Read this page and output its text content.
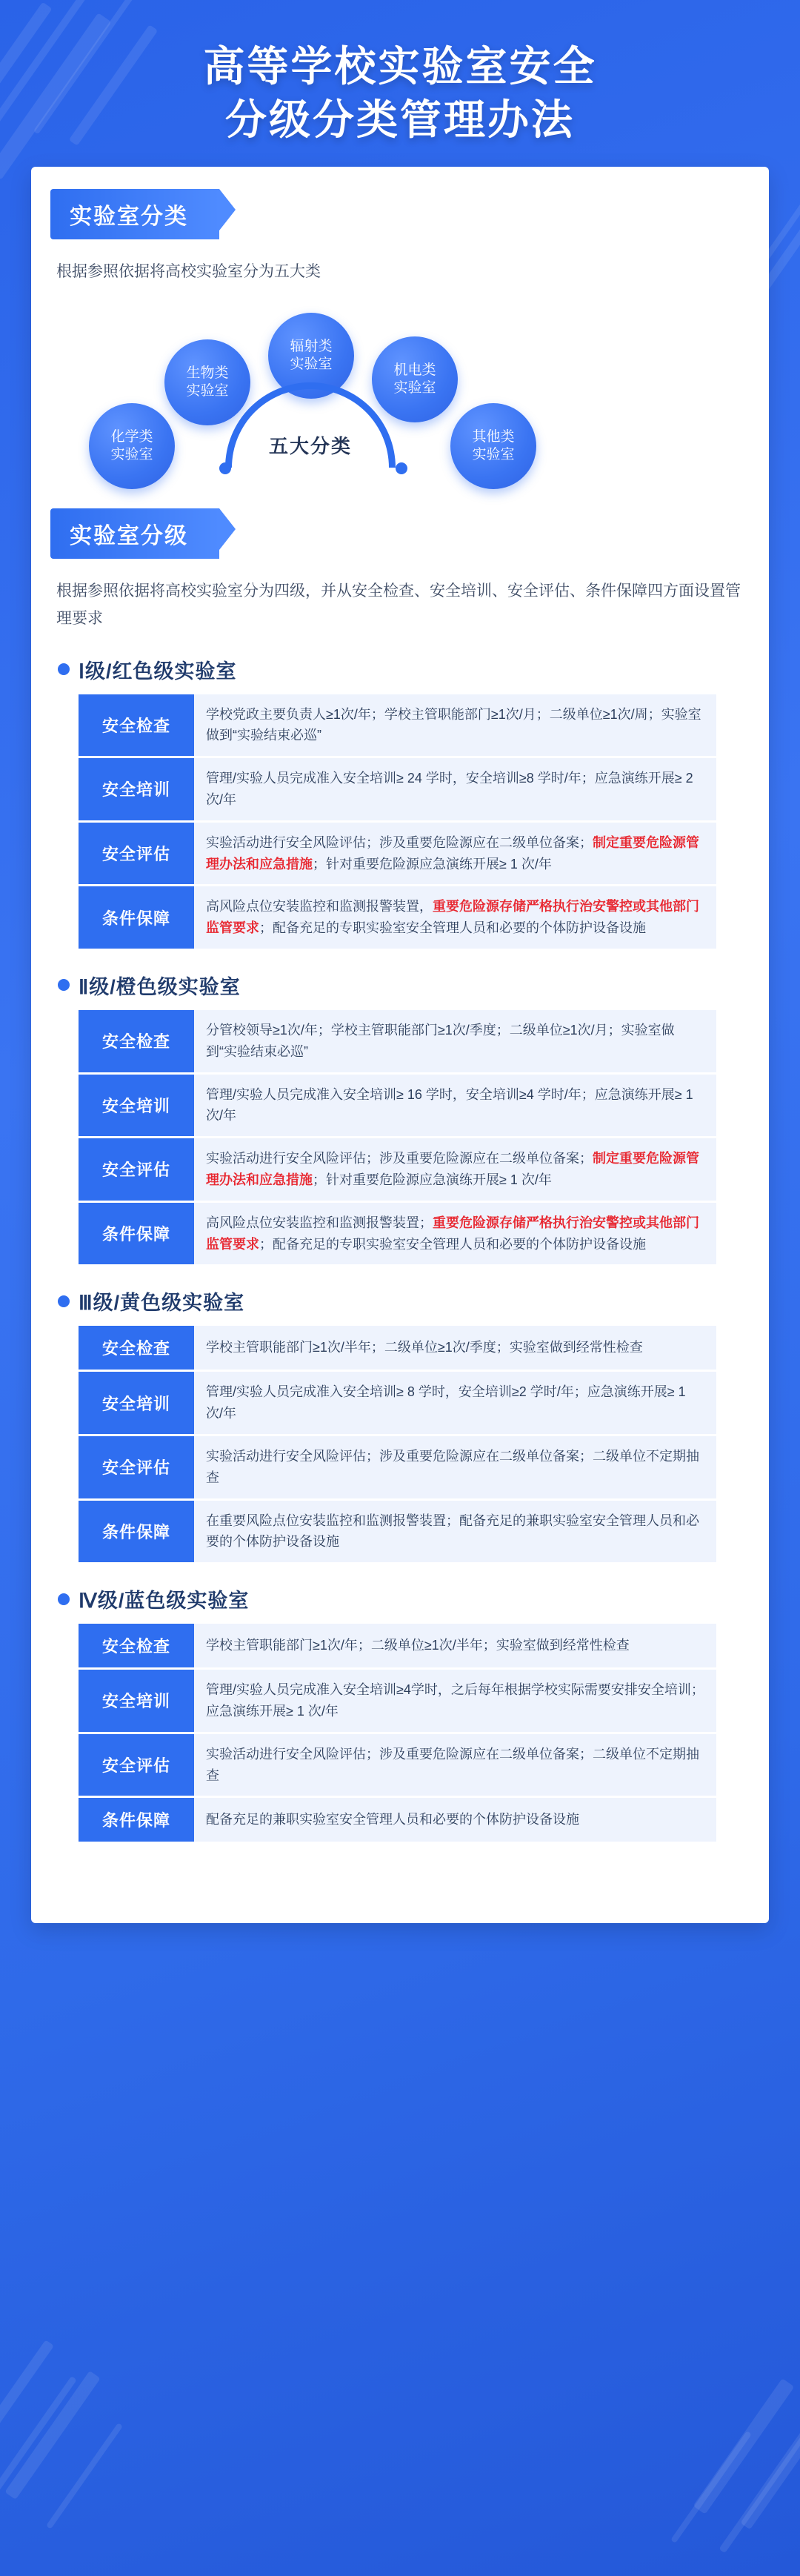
高等学校实验室安全
分级分类管理办法
实验室分类
根据参照依据将高校实验室分为五大类
化学类
实验室
生物类
实验室
辐射类
实验室	机电类
实验室
其他类
实验室
五大分类
实验室分级
根据参照依据将高校实验室分为四级，并从安全检查、安全培训、安全评估、条件保障四方面设置管理要求
Ⅰ级/红色级实验室
安全检查	学校党政主要负责人≥1次/年；学校主管职能部门≥1次/月；二级单位≥1次/周；实验室做到“实验结束必巡”
安全培训	管理/实验人员完成准入安全培训≥ 24 学时，安全培训≥8 学时/年；应急演练开展≥ 2 次/年
安全评估	实验活动进行安全风险评估；涉及重要危险源应在二级单位备案；制定重要危险源管理办法和应急措施；针对重要危险源应急演练开展≥ 1 次/年
条件保障	高风险点位安装监控和监测报警装置，重要危险源存储严格执行治安警控或其他部门监管要求；配备充足的专职实验室安全管理人员和必要的个体防护设备设施
Ⅱ级/橙色级实验室
安全检查	分管校领导≥1次/年；学校主管职能部门≥1次/季度；二级单位≥1次/月；实验室做到“实验结束必巡”
安全培训	管理/实验人员完成准入安全培训≥ 16 学时，安全培训≥4 学时/年；应急演练开展≥ 1 次/年
安全评估	实验活动进行安全风险评估；涉及重要危险源应在二级单位备案；制定重要危险源管理办法和应急措施；针对重要危险源应急演练开展≥ 1 次/年
条件保障	高风险点位安装监控和监测报警装置；重要危险源存储严格执行治安警控或其他部门监管要求；配备充足的专职实验室安全管理人员和必要的个体防护设备设施
Ⅲ级/黄色级实验室
安全检查	学校主管职能部门≥1次/半年；二级单位≥1次/季度；实验室做到经常性检查
安全培训	管理/实验人员完成准入安全培训≥ 8 学时，安全培训≥2 学时/年；应急演练开展≥ 1 次/年
安全评估	实验活动进行安全风险评估；涉及重要危险源应在二级单位备案；二级单位不定期抽查
条件保障	在重要风险点位安装监控和监测报警装置；配备充足的兼职实验室安全管理人员和必要的个体防护设备设施
Ⅳ级/蓝色级实验室
安全检查	学校主管职能部门≥1次/年；二级单位≥1次/半年；实验室做到经常性检查
安全培训	管理/实验人员完成准入安全培训≥4学时，之后每年根据学校实际需要安排安全培训；应急演练开展≥ 1 次/年
安全评估	实验活动进行安全风险评估；涉及重要危险源应在二级单位备案；二级单位不定期抽查
条件保障	配备充足的兼职实验室安全管理人员和必要的个体防护设备设施
